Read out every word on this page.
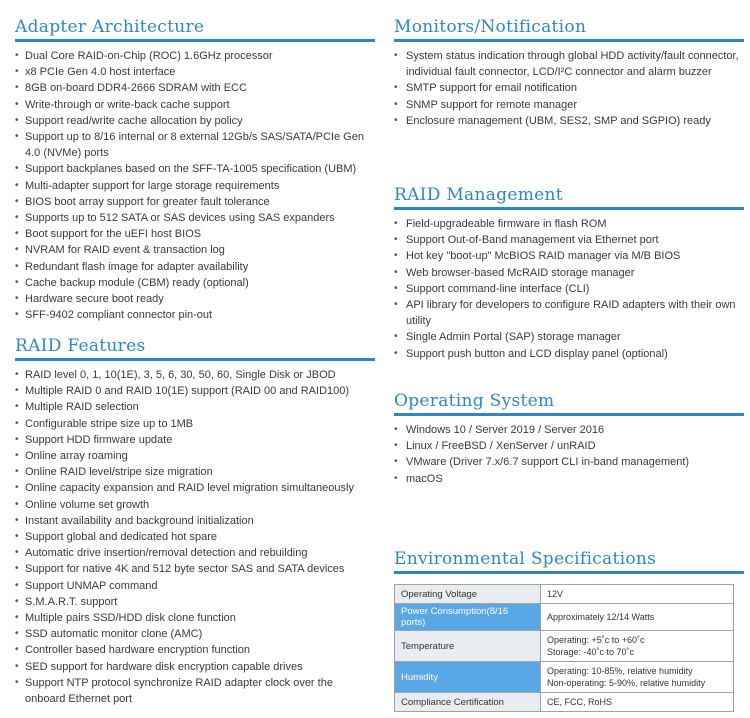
Adapter Architecture
• Dual Core RAID-on-Chip (ROC) 1.6GHz processor
• x8 PCIe Gen 4.0 host interface
• 8GB on-board DDR4-2666 SDRAM with ECC
• Write-through or write-back cache support
• Support read/write cache allocation by policy
• Support up to 8/16 internal or 8 external 12Gb/s SAS/SATA/PCIe Gen 4.0 (NVMe) ports
• Support backplanes based on the SFF-TA-1005 specification (UBM)
• Multi-adapter support for large storage requirements
• BIOS boot array support for greater fault tolerance
• Supports up to 512 SATA or SAS devices using SAS expanders
• Boot support for the uEFI host BIOS
• NVRAM for RAID event & transaction log
• Redundant flash image for adapter availability
• Cache backup module (CBM) ready (optional)
• Hardware secure boot ready
• SFF-9402 compliant connector pin-out
RAID Features
• RAID level 0, 1, 10(1E), 3, 5, 6, 30, 50, 60, Single Disk or JBOD
• Multiple RAID 0 and RAID 10(1E) support (RAID 00 and RAID100)
• Multiple RAID selection
• Configurable stripe size up to 1MB
• Support HDD firmware update
• Online array roaming
• Online RAID level/stripe size migration
• Online capacity expansion and RAID level migration simultaneously
• Online volume set growth
• Instant availability and background initialization
• Support global and dedicated hot spare
• Automatic drive insertion/removal detection and rebuilding
• Support for native 4K and 512 byte sector SAS and SATA devices
• Support UNMAP command
• S.M.A.R.T. support
• Multiple pairs SSD/HDD disk clone function
• SSD automatic monitor clone (AMC)
• Controller based hardware encryption function
• SED support for hardware disk encryption capable drives
• Support NTP protocol synchronize RAID adapter clock over the onboard Ethernet port
Monitors/Notification
• System status indication through global HDD activity/fault connector, individual fault connector, LCD/I²C connector and alarm buzzer
• SMTP support for email notification
• SNMP support for remote manager
• Enclosure management (UBM, SES2, SMP and SGPIO) ready
RAID Management
• Field-upgradeable firmware in flash ROM
• Support Out-of-Band management via Ethernet port
• Hot key "boot-up" McBIOS RAID manager via M/B BIOS
• Web browser-based McRAID storage manager
• Support command-line interface (CLI)
• API library for developers to configure RAID adapters with their own utility
• Single Admin Portal (SAP) storage manager
• Support push button and LCD display panel (optional)
Operating System
• Windows 10 / Server 2019 / Server 2016
• Linux / FreeBSD / XenServer / unRAID
• VMware (Driver 7.x/6.7 support CLI in-band management)
• macOS
Environmental Specifications
Operating Voltage	12V
Power Consumption(8/16 ports)	Approximately 12/14 Watts
Temperature	Operating: +5˚c to +60˚c
Storage: -40˚c to 70˚c

Humidity	Operating: 10-85%, relative humidity
Non-operating: 5-90%, relative humidity

Compliance Certification	CE, FCC, RoHS
